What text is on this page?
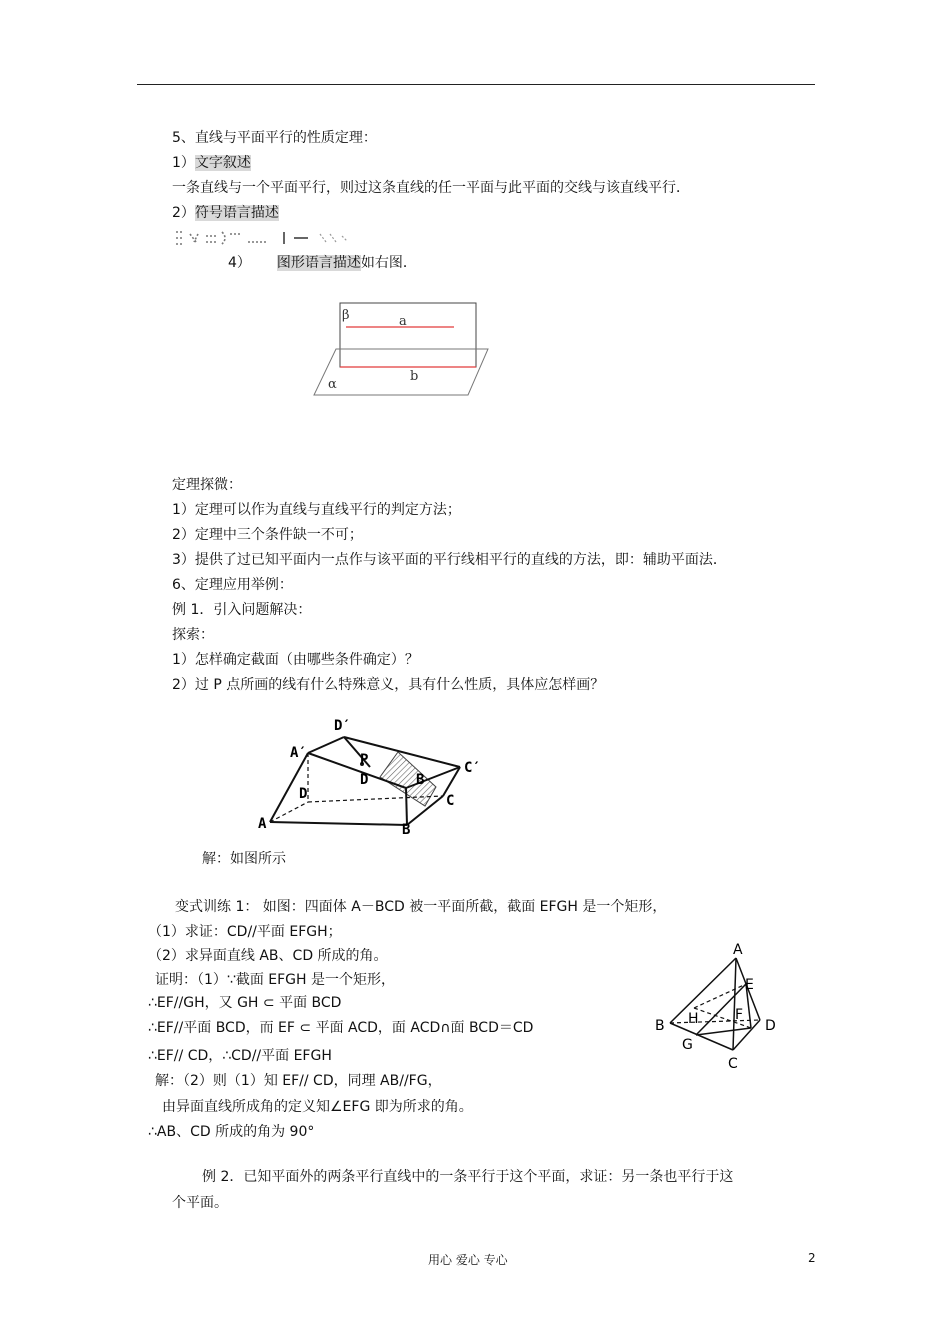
5、直线与平面平行的性质定理：
1）文字叙述
一条直线与一个平面平行，则过这条直线的任一平面与此平面的交线与该直线平行．
2）符号语言描述
4） 图形语言描述如右图．
β	a
b
α
定理探微：
1）定理可以作为直线与直线平行的判定方法；
2）定理中三个条件缺一不可；
3）提供了过已知平面内一点作与该平面的平行线相平行的直线的方法，即：辅助平面法．
6、定理应用举例：
例 1．引入问题解决：
探索：
1）怎样确定截面（由哪些条件确定）？
2）过 P 点所画的线有什么特殊意义，具有什么性质，具体应怎样画？
D′
A′	P	C′
D	B
D	C
A	B
解：如图所示
变式训练 1： 如图：四面体 A－BCD 被一平面所截，截面 EFGH 是一个矩形，
（1）求证：CD//平面 EFGH；
（2）求异面直线 AB、CD 所成的角。
证明：（1）∵截面 EFGH 是一个矩形，
∴EF//GH，又 GH ⊂ 平面 BCD
∴EF//平面 BCD，而 EF ⊂ 平面 ACD，面 ACD∩面 BCD＝CD
∴EF// CD，∴CD//平面 EFGH
解：（2）则（1）知 EF// CD，同理 AB//FG，
由异面直线所成角的定义知∠EFG 即为所求的角。
∴AB、CD 所成的角为 90°
A
E
B H	F
D
G
C
例 2．已知平面外的两条平行直线中的一条平行于这个平面，求证：另一条也平行于这
个平面。
用心 爱心 专心	2
